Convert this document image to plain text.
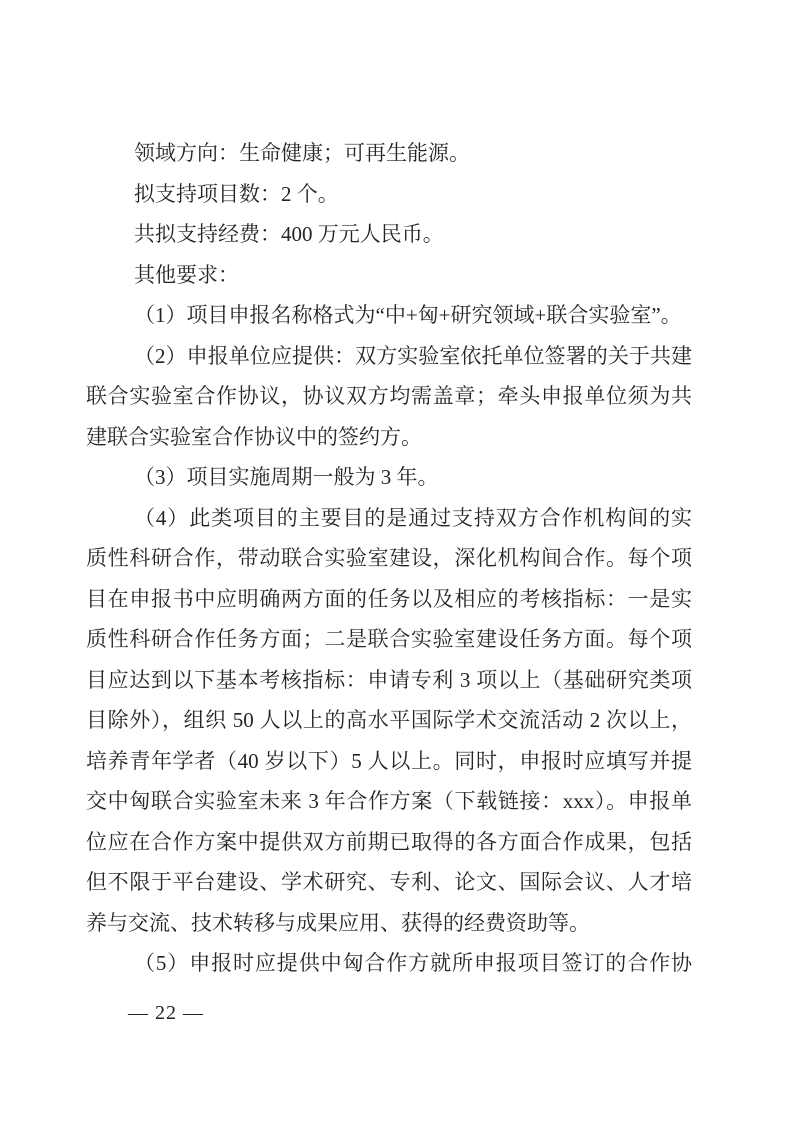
领域方向：生命健康；可再生能源。
拟支持项目数：2 个。
共拟支持经费：400 万元人民币。
其他要求：
（1）项目申报名称格式为“中+匈+研究领域+联合实验室”。
（2）申报单位应提供：双方实验室依托单位签署的关于共建
联合实验室合作协议，协议双方均需盖章；牵头申报单位须为共
建联合实验室合作协议中的签约方。
（3）项目实施周期一般为 3 年。
（4）此类项目的主要目的是通过支持双方合作机构间的实
质性科研合作，带动联合实验室建设，深化机构间合作。每个项
目在申报书中应明确两方面的任务以及相应的考核指标：一是实
质性科研合作任务方面；二是联合实验室建设任务方面。每个项
目应达到以下基本考核指标：申请专利 3 项以上（基础研究类项
目除外），组织 50 人以上的高水平国际学术交流活动 2 次以上，
培养青年学者（40 岁以下）5 人以上。同时，申报时应填写并提
交中匈联合实验室未来 3 年合作方案（下载链接：xxx）。申报单
位应在合作方案中提供双方前期已取得的各方面合作成果，包括
但不限于平台建设、学术研究、专利、论文、国际会议、人才培
养与交流、技术转移与成果应用、获得的经费资助等。
（5）申报时应提供中匈合作方就所申报项目签订的合作协
— 22 —
